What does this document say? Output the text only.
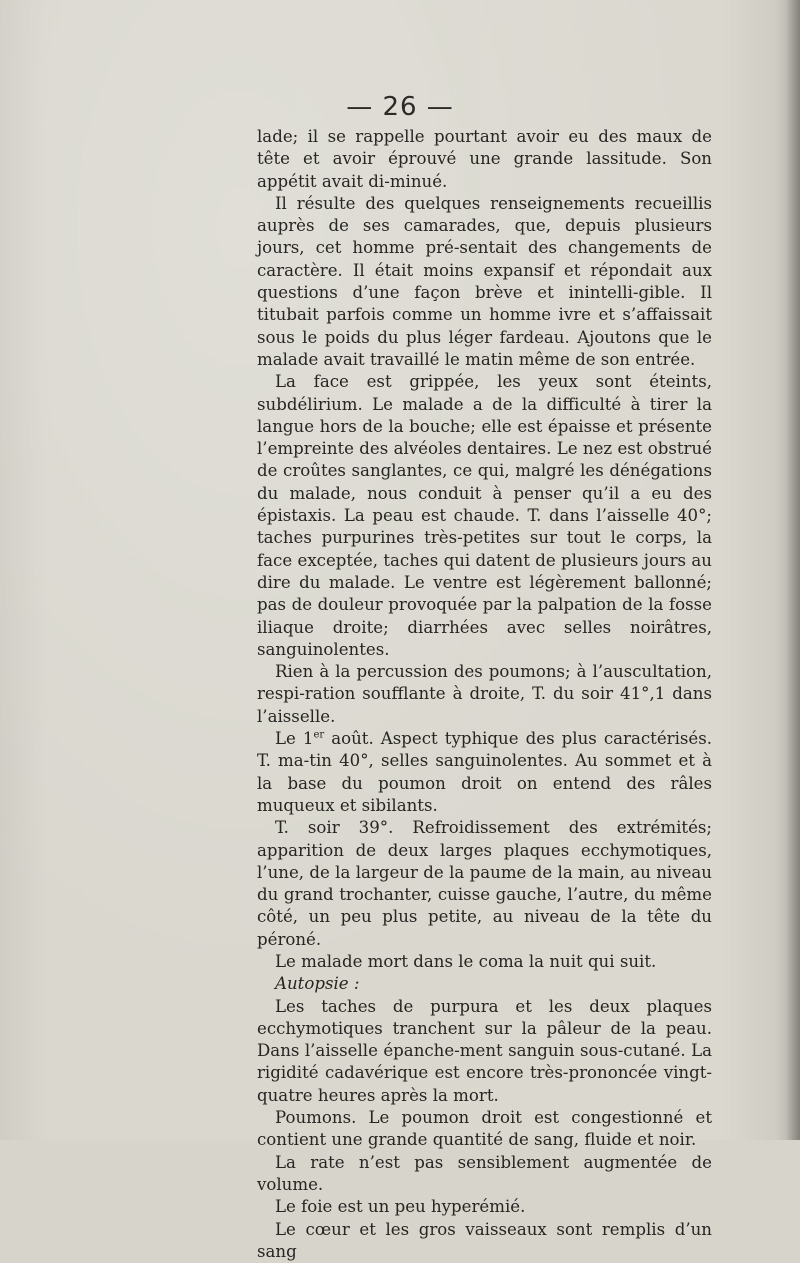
— 26 —

lade; il se rappelle pourtant avoir eu des maux de tête et avoir éprouvé une grande lassitude. Son appétit avait di-minué.

Il résulte des quelques renseignements recueillis auprès de ses camarades, que, depuis plusieurs jours, cet homme pré-sentait des changements de caractère. Il était moins expansif et répondait aux questions d’une façon brève et inintelli-gible. Il titubait parfois comme un homme ivre et s’affaissait sous le poids du plus léger fardeau. Ajoutons que le malade avait travaillé le matin même de son entrée.

La face est grippée, les yeux sont éteints, subdélirium. Le malade a de la difficulté à tirer la langue hors de la bouche; elle est épaisse et présente l’empreinte des alvéoles dentaires. Le nez est obstrué de croûtes sanglantes, ce qui, malgré les dénégations du malade, nous conduit à penser qu’il a eu des épistaxis. La peau est chaude. T. dans l’aisselle 40°; taches purpurines très-petites sur tout le corps, la face exceptée, taches qui datent de plusieurs jours au dire du malade. Le ventre est légèrement ballonné; pas de douleur provoquée par la palpation de la fosse iliaque droite; diarrhées avec selles noirâtres, sanguinolentes.

Rien à la percussion des poumons; à l’auscultation, respi-ration soufflante à droite, T. du soir 41°,1 dans l’aisselle.

Le 1er août. Aspect typhique des plus caractérisés. T. ma-tin 40°, selles sanguinolentes. Au sommet et à la base du poumon droit on entend des râles muqueux et sibilants.

T. soir 39°. Refroidissement des extrémités; apparition de deux larges plaques ecchymotiques, l’une, de la largeur de la paume de la main, au niveau du grand trochanter, cuisse gauche, l’autre, du même côté, un peu plus petite, au niveau de la tête du péroné.

Le malade mort dans le coma la nuit qui suit.

Autopsie :

Les taches de purpura et les deux plaques ecchymotiques tranchent sur la pâleur de la peau. Dans l’aisselle épanche-ment sanguin sous-cutané. La rigidité cadavérique est encore très-prononcée vingt-quatre heures après la mort.

Poumons. Le poumon droit est congestionné et contient une grande quantité de sang, fluide et noir.

La rate n’est pas sensiblement augmentée de volume.

Le foie est un peu hyperémié.

Le cœur et les gros vaisseaux sont remplis d’un sang
